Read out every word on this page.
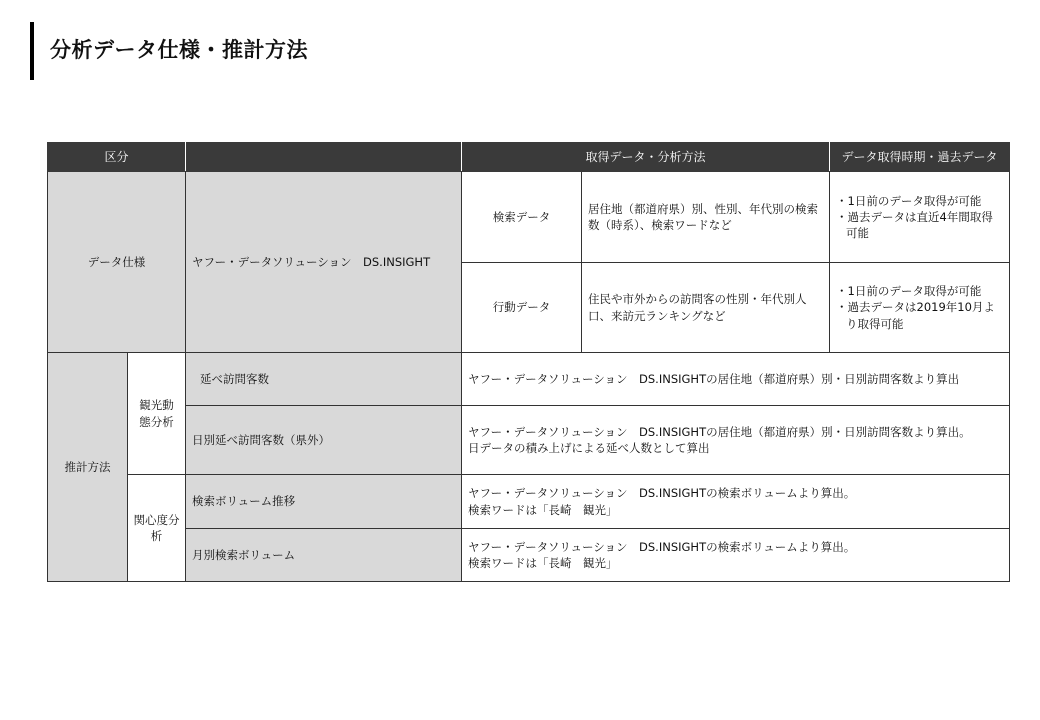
分析データ仕様・推計方法
区分			取得データ・分析方法		データ取得時期・過去データ
データ仕様		ヤフー・データソリューション　DS.INSIGHT	検索データ	居住地（都道府県）別、性別、年代別の検索数（時系）、検索ワードなど	・1日前のデータ取得が可能
・過去データは直近4年間取得可能

			行動データ	住民や市外からの訪問客の性別・年代別人口、来訪元ランキングなど	・1日前のデータ取得が可能
・過去データは2019年10月より取得可能

推計方法	観光動態分析	延べ訪問客数	ヤフー・データソリューション　DS.INSIGHTの居住地（都道府県）別・日別訪問客数より算出		
		日別延べ訪問客数（県外）	ヤフー・データソリューション　DS.INSIGHTの居住地（都道府県）別・日別訪問客数より算出。
日データの積み上げによる延べ人数として算出		

	関心度分析	検索ボリューム推移	ヤフー・データソリューション　DS.INSIGHTの検索ボリュームより算出。
検索ワードは「長崎　観光」		

		月別検索ボリューム	ヤフー・データソリューション　DS.INSIGHTの検索ボリュームより算出。
検索ワードは「長崎　観光」		
